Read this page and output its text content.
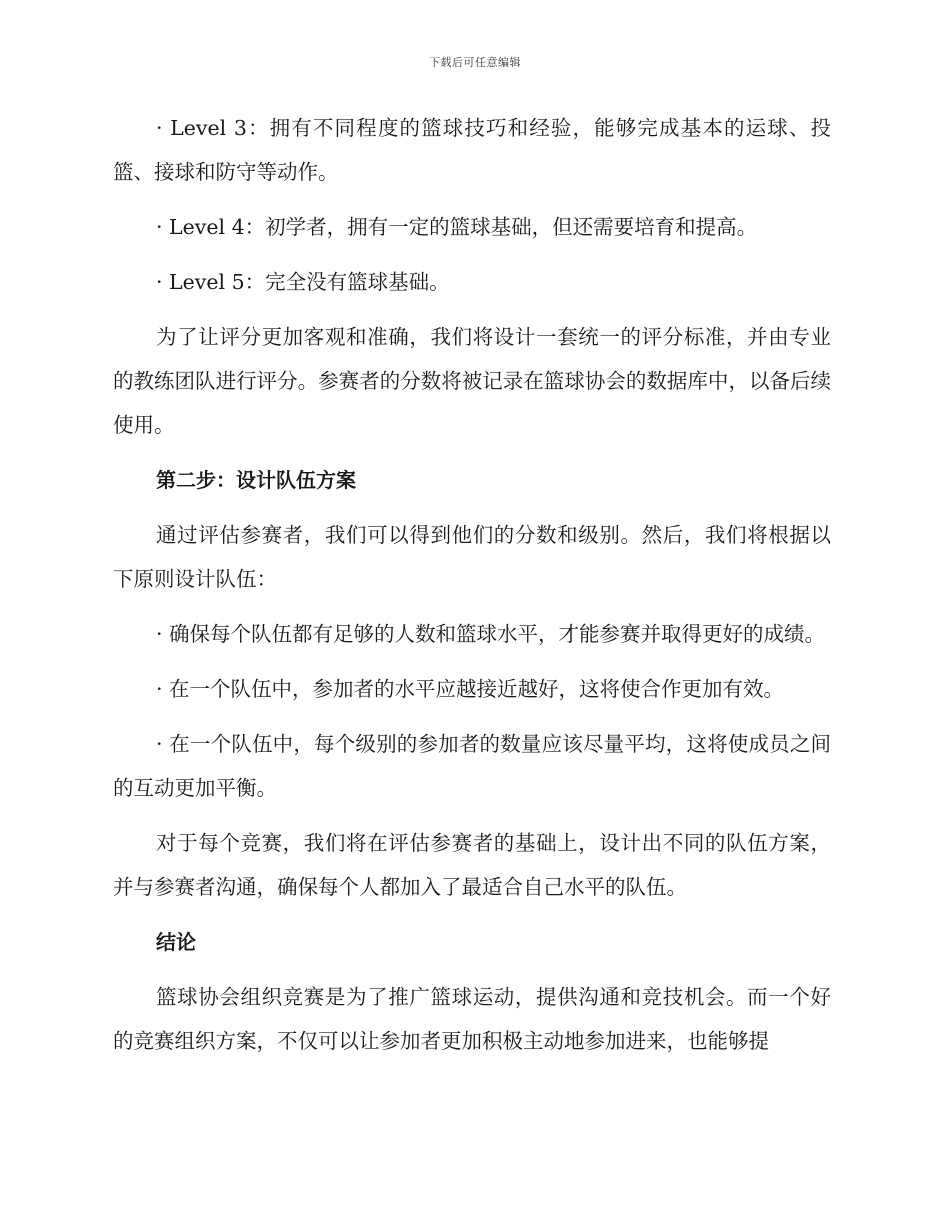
下载后可任意编辑

· Level 3：拥有不同程度的篮球技巧和经验，能够完成基本的运球、投篮、接球和防守等动作。

· Level 4：初学者，拥有一定的篮球基础，但还需要培育和提高。

· Level 5：完全没有篮球基础。

为了让评分更加客观和准确，我们将设计一套统一的评分标准，并由专业的教练团队进行评分。参赛者的分数将被记录在篮球协会的数据库中，以备后续使用。

第二步：设计队伍方案

通过评估参赛者，我们可以得到他们的分数和级别。然后，我们将根据以下原则设计队伍：

· 确保每个队伍都有足够的人数和篮球水平，才能参赛并取得更好的成绩。

· 在一个队伍中，参加者的水平应越接近越好，这将使合作更加有效。

· 在一个队伍中，每个级别的参加者的数量应该尽量平均，这将使成员之间的互动更加平衡。

对于每个竞赛，我们将在评估参赛者的基础上，设计出不同的队伍方案，并与参赛者沟通，确保每个人都加入了最适合自己水平的队伍。

结论

篮球协会组织竞赛是为了推广篮球运动，提供沟通和竞技机会。而一个好的竞赛组织方案，不仅可以让参加者更加积极主动地参加进来，也能够提
